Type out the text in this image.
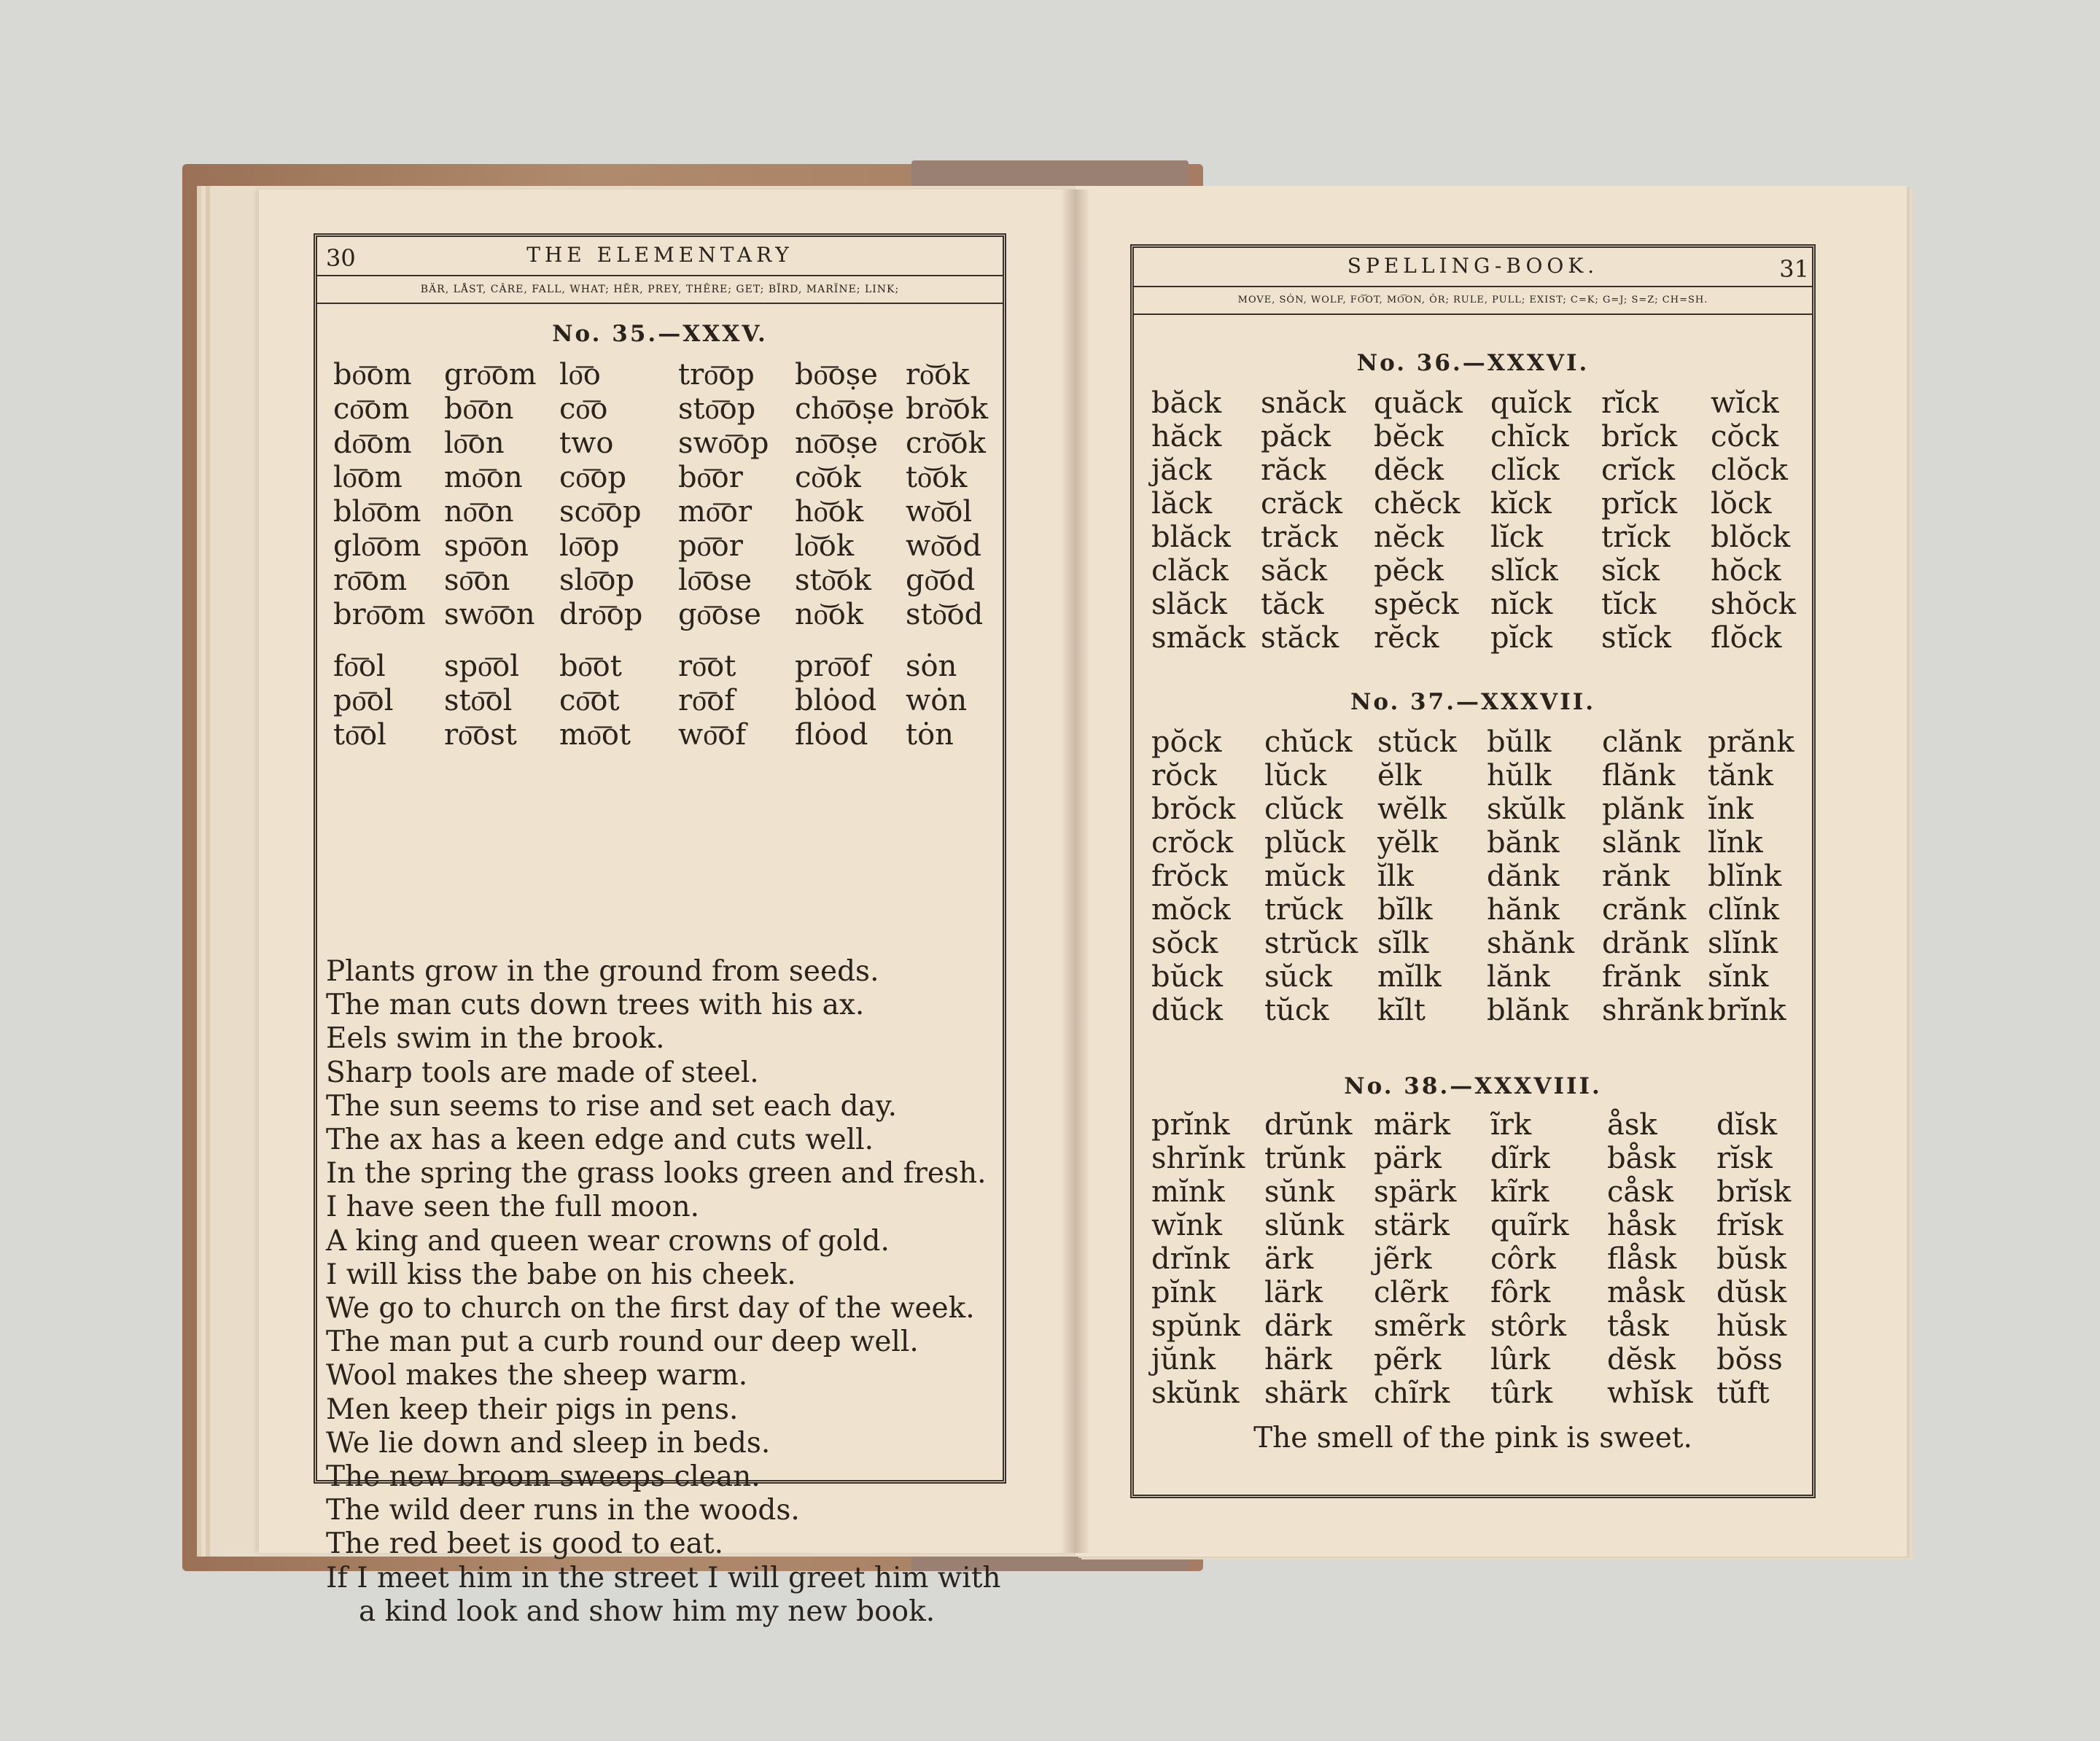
30	THE ELEMENTARY
BÄR, LÅST, CÂRE, FALL, WHAT; HĒR, PREY, THÊRE; GET; BĪRD, MARÏNE; LINK;
No. 35.—XXXV.
bo͞om	gro͞om	lo͞o	tro͞op	bo͞oṣe	ro͝ok
co͞om	bo͞on	co͞o	sto͞op	cho͞oṣe	bro͝ok
do͞om	lo͞on	two	swo͞op	no͞oṣe	cro͝ok
lo͞om	mo͞on	co͞op	bo͞or	co͝ok	to͝ok
blo͞om	no͞on	sco͞op	mo͞or	ho͝ok	wo͝ol
glo͞om	spo͞on	lo͞op	po͞or	lo͝ok	wo͝od
ro͞om	so͞on	slo͞op	lo͞ose	sto͝ok	go͝od
bro͞om	swo͞on	dro͞op	go͞ose	no͝ok	sto͝od
fo͞ol	spo͞ol	bo͞ot	ro͞ot	pro͞of	sȯn
po͞ol	sto͞ol	co͞ot	ro͞of	blȯod	wȯn
to͞ol	ro͞ost	mo͞ot	wo͞of	flȯod	tȯn
Plants grow in the ground from seeds.
The man cuts down trees with his ax.
Eels swim in the brook.
Sharp tools are made of steel.
The sun seems to rise and set each day.
The ax has a keen edge and cuts well.
In the spring the grass looks green and fresh.
I have seen the full moon.
A king and queen wear crowns of gold.
I will kiss the babe on his cheek.
We go to church on the first day of the week.
The man put a curb round our deep well.
Wool makes the sheep warm.
Men keep their pigs in pens.
We lie down and sleep in beds.
The new broom sweeps clean.
The wild deer runs in the woods.
The red beet is good to eat.
If I meet him in the street I will greet him with
a kind look and show him my new book.
SPELLING-BOOK.	31
MOVE, SȮN, WOLF, FO͝OT, MO͞ON, ÔR; RULE, PULL; EXIST; C=K; G=J; S=Z; CH=SH.
No. 36.—XXXVI.
băck	snăck	quăck	quĭck	rĭck	wĭck
hăck	păck	bĕck	chĭck	brĭck	cŏck
jăck	răck	dĕck	clĭck	crĭck	clŏck
lăck	crăck	chĕck	kĭck	prĭck	lŏck
blăck	trăck	nĕck	lĭck	trĭck	blŏck
clăck	săck	pĕck	slĭck	sĭck	hŏck
slăck	tăck	spĕck	nĭck	tĭck	shŏck
smăck	stăck	rĕck	pĭck	stĭck	flŏck
No. 37.—XXXVII.
pŏck	chŭck	stŭck	bŭlk	clănk	prănk
rŏck	lŭck	ĕlk	hŭlk	flănk	tănk
brŏck	clŭck	wĕlk	skŭlk	plănk	ĭnk
crŏck	plŭck	yĕlk	bănk	slănk	lĭnk
frŏck	mŭck	ĭlk	dănk	rănk	blĭnk
mŏck	trŭck	bĭlk	hănk	crănk	clĭnk
sŏck	strŭck	sĭlk	shănk	drănk	slĭnk
bŭck	sŭck	mĭlk	lănk	frănk	sĭnk
dŭck	tŭck	kĭlt	blănk	shrănk	brĭnk
No. 38.—XXXVIII.
prĭnk	drŭnk	märk	ĩrk	åsk	dĭsk
shrĭnk	trŭnk	pärk	dĩrk	båsk	rĭsk
mĭnk	sŭnk	spärk	kĩrk	cåsk	brĭsk
wĭnk	slŭnk	stärk	quĩrk	håsk	frĭsk
drĭnk	ärk	jẽrk	côrk	flåsk	bŭsk
pĭnk	lärk	clẽrk	fôrk	måsk	dŭsk
spŭnk	därk	smẽrk	stôrk	tåsk	hŭsk
jŭnk	härk	pẽrk	lûrk	dĕsk	bŏss
skŭnk	shärk	chĩrk	tûrk	whĭsk	tŭft
The smell of the pink is sweet.
